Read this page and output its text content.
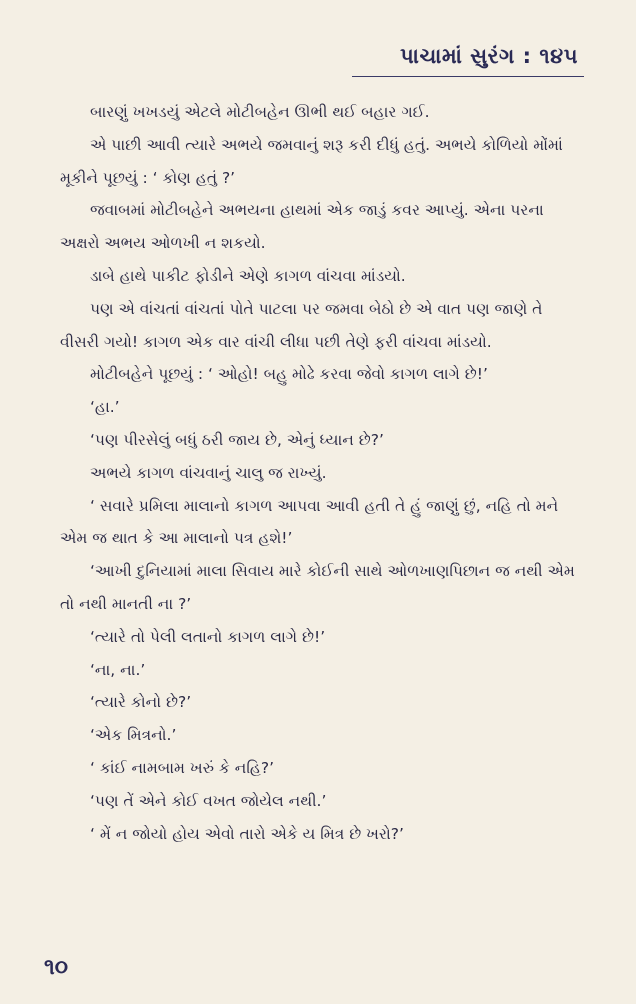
પાચામાં સુરંગ : ૧૪૫

બારણું ખખડયું એટલે મોટીબહેન ઊભી થઈ બહાર ગઈ.

એ પાછી આવી ત્યારે અભયે જમવાનું શરૂ કરી દીધું હતું. અભયે કોળિયો મોંમાં મૂકીને પૂછયું : ‘ કોણ હતું ?’

જવાબમાં મોટીબહેને અભયના હાથમાં એક જાડું કવર આપ્યું. એના પરના અક્ષરો અભય ઓળખી ન શકયો.

ડાબે હાથે પાકીટ ફોડીને એણે કાગળ વાંચવા માંડયો.

પણ એ વાંચતાં વાંચતાં પોતે પાટલા પર જમવા બેઠો છે એ વાત પણ જાણે તે વીસરી ગયો! કાગળ એક વાર વાંચી લીધા પછી તેણે ફરી વાંચવા માંડયો.

મોટીબહેને પૂછયું : ‘ ઓહો! બહુ મોઢે કરવા જેવો કાગળ લાગે છે!’

‘હા.’

‘પણ પીરસેલું બધું ઠરી જાય છે, એનું ધ્યાન છે?’

અભયે કાગળ વાંચવાનું ચાલુ જ રાખ્યું.

‘ સવારે પ્રમિલા માલાનો કાગળ આપવા આવી હતી તે હું જાણું છું, નહિ તો મને એમ જ થાત કે આ માલાનો પત્ર હશે!’

‘આખી દુનિયામાં માલા સિવાય મારે કોઈની સાથે ઓળખાણપિછાન જ નથી એમ તો નથી માનતી ના ?’

‘ત્યારે તો પેલી લતાનો કાગળ લાગે છે!’

‘ના, ના.’

‘ત્યારે કોનો છે?’

‘એક મિત્રનો.’

‘ કાંઈ નામબામ ખરું કે નહિ?’

‘પણ તેં એને કોઈ વખત જોયેલ નથી.’

‘ મેં ન જોયો હોય એવો તારો એકે ય મિત્ર છે ખરો?’

૧૦
